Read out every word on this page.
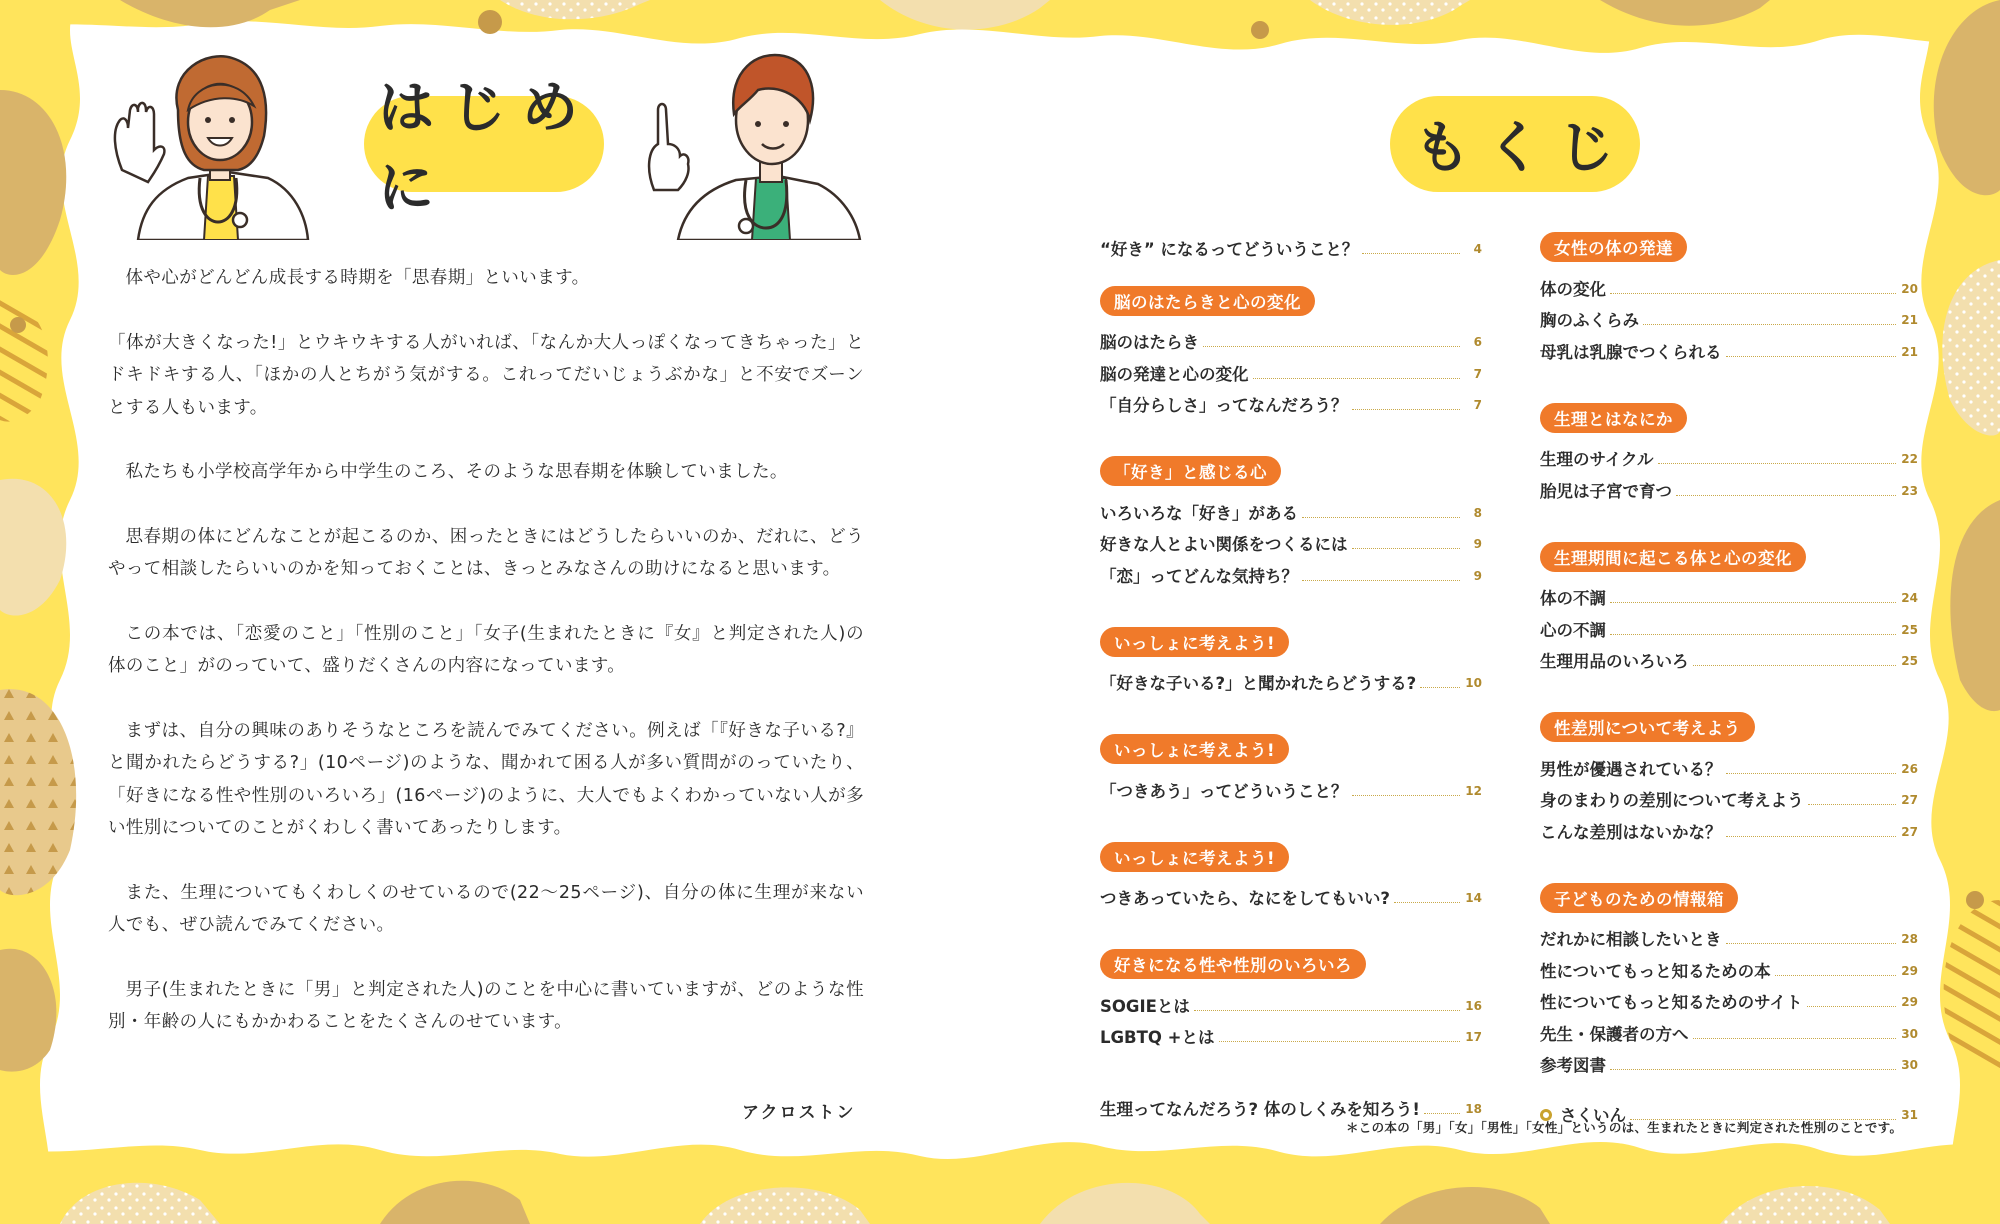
はじめに

体や心がどんどん成長する時期を「思春期」といいます。

「体が大きくなった!」とウキウキする人がいれば、「なんか大人っぽくなってきちゃった」とドキドキする人、「ほかの人とちがう気がする。これってだいじょうぶかな」と不安でズーンとする人もいます。

私たちも小学校高学年から中学生のころ、そのような思春期を体験していました。

思春期の体にどんなことが起こるのか、困ったときにはどうしたらいいのか、だれに、どうやって相談したらいいのかを知っておくことは、きっとみなさんの助けになると思います。

この本では、「恋愛のこと」「性別のこと」「女子(生まれたときに『女』と判定された人)の体のこと」がのっていて、盛りだくさんの内容になっています。

まずは、自分の興味のありそうなところを読んでみてください。例えば「『好きな子いる?』と聞かれたらどうする?」(10ページ)のような、聞かれて困る人が多い質問がのっていたり、「好きになる性や性別のいろいろ」(16ページ)のように、大人でもよくわかっていない人が多い性別についてのことがくわしく書いてあったりします。

また、生理についてもくわしくのせているので(22〜25ページ)、自分の体に生理が来ない人でも、ぜひ読んでみてください。

男子(生まれたときに「男」と判定された人)のことを中心に書いていますが、どのような性別・年齢の人にもかかわることをたくさんのせています。

アクロストン
もくじ
“好き” になるってどういうこと？	4
脳のはたらきと心の変化
脳のはたらき	6
脳の発達と心の変化	7
「自分らしさ」ってなんだろう？	7
「好き」と感じる心
いろいろな「好き」がある	8
好きな人とよい関係をつくるには	9
「恋」ってどんな気持ち？	9
いっしょに考えよう!
「好きな子いる?」と聞かれたらどうする?	10
いっしょに考えよう!
「つきあう」ってどういうこと？	12
いっしょに考えよう!
つきあっていたら、なにをしてもいい?	14
好きになる性や性別のいろいろ
SOGIEとは	16
LGBTQ +とは	17
生理ってなんだろう? 体のしくみを知ろう!	18
女性の体の発達
体の変化	20
胸のふくらみ	21
母乳は乳腺でつくられる	21
生理とはなにか
生理のサイクル	22
胎児は子宮で育つ	23
生理期間に起こる体と心の変化
体の不調	24
心の不調	25
生理用品のいろいろ	25
性差別について考えよう
男性が優遇されている？	26
身のまわりの差別について考えよう	27
こんな差別はないかな？	27
子どものための情報箱
だれかに相談したいとき	28
性についてもっと知るための本	29
性についてもっと知るためのサイト	29
先生・保護者の方へ	30
参考図書	30
さくいん	31
＊この本の「男」「女」「男性」「女性」というのは、生まれたときに判定された性別のことです。
